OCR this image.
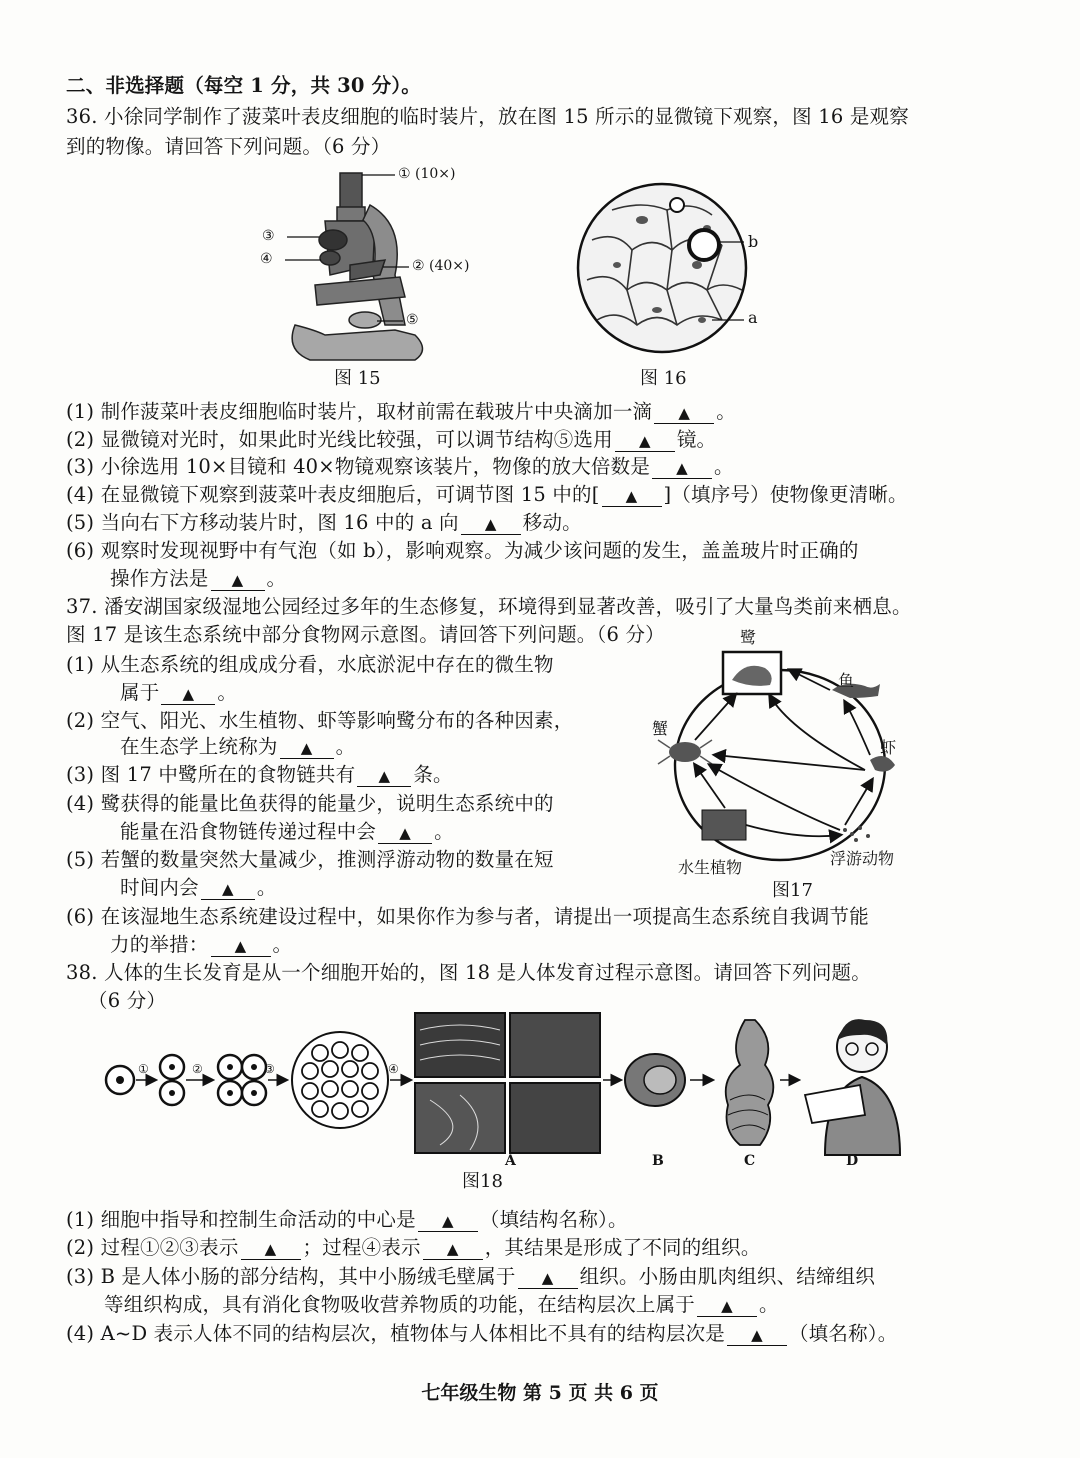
二、非选择题（每空 1 分，共 30 分）。
36. 小徐同学制作了菠菜叶表皮细胞的临时装片，放在图 15 所示的显微镜下观察，图 16 是观察
到的物像。请回答下列问题。（6 分）
① (10×)
③
④	② (40×)
⑤
图 15
b
a
图 16
(1) 制作菠菜叶表皮细胞临时装片，取材前需在载玻片中央滴加一滴 ▲ 。
(2) 显微镜对光时，如果此时光线比较强，可以调节结构⑤选用 ▲ 镜。
(3) 小徐选用 10×目镜和 40×物镜观察该装片，物像的放大倍数是 ▲ 。
(4) 在显微镜下观察到菠菜叶表皮细胞后，可调节图 15 中的[ ▲ ]（填序号）使物像更清晰。
(5) 当向右下方移动装片时，图 16 中的 a 向 ▲ 移动。
(6) 观察时发现视野中有气泡（如 b），影响观察。为减少该问题的发生，盖盖玻片时正确的
操作方法是 ▲ 。
37. 潘安湖国家级湿地公园经过多年的生态修复，环境得到显著改善，吸引了大量鸟类前来栖息。
图 17 是该生态系统中部分食物网示意图。请回答下列问题。（6 分）
(1) 从生态系统的组成成分看，水底淤泥中存在的微生物
属于 ▲ 。
(2) 空气、阳光、水生植物、虾等影响鹭分布的各种因素，
在生态学上统称为 ▲ 。
(3) 图 17 中鹭所在的食物链共有 ▲ 条。
(4) 鹭获得的能量比鱼获得的能量少，说明生态系统中的
能量在沿食物链传递过程中会 ▲ 。
(5) 若蟹的数量突然大量减少，推测浮游动物的数量在短
时间内会 ▲ 。
(6) 在该湿地生态系统建设过程中，如果你作为参与者，请提出一项提高生态系统自我调节能
力的举措： ▲ 。
鹭
鱼
蟹
虾
水生植物	浮游动物
图17
38. 人体的生长发育是从一个细胞开始的，图 18 是人体发育过程示意图。请回答下列问题。
（6 分）
①	②	③	④
A	B	C	D
图18
(1) 细胞中指导和控制生命活动的中心是 ▲ （填结构名称）。
(2) 过程①②③表示 ▲ ；过程④表示 ▲ ，其结果是形成了不同的组织。
(3) B 是人体小肠的部分结构，其中小肠绒毛壁属于 ▲ 组织。小肠由肌肉组织、结缔组织
等组织构成，具有消化食物吸收营养物质的功能，在结构层次上属于 ▲ 。
(4) A~D 表示人体不同的结构层次，植物体与人体相比不具有的结构层次是 ▲ （填名称）。
七年级生物 第 5 页 共 6 页
